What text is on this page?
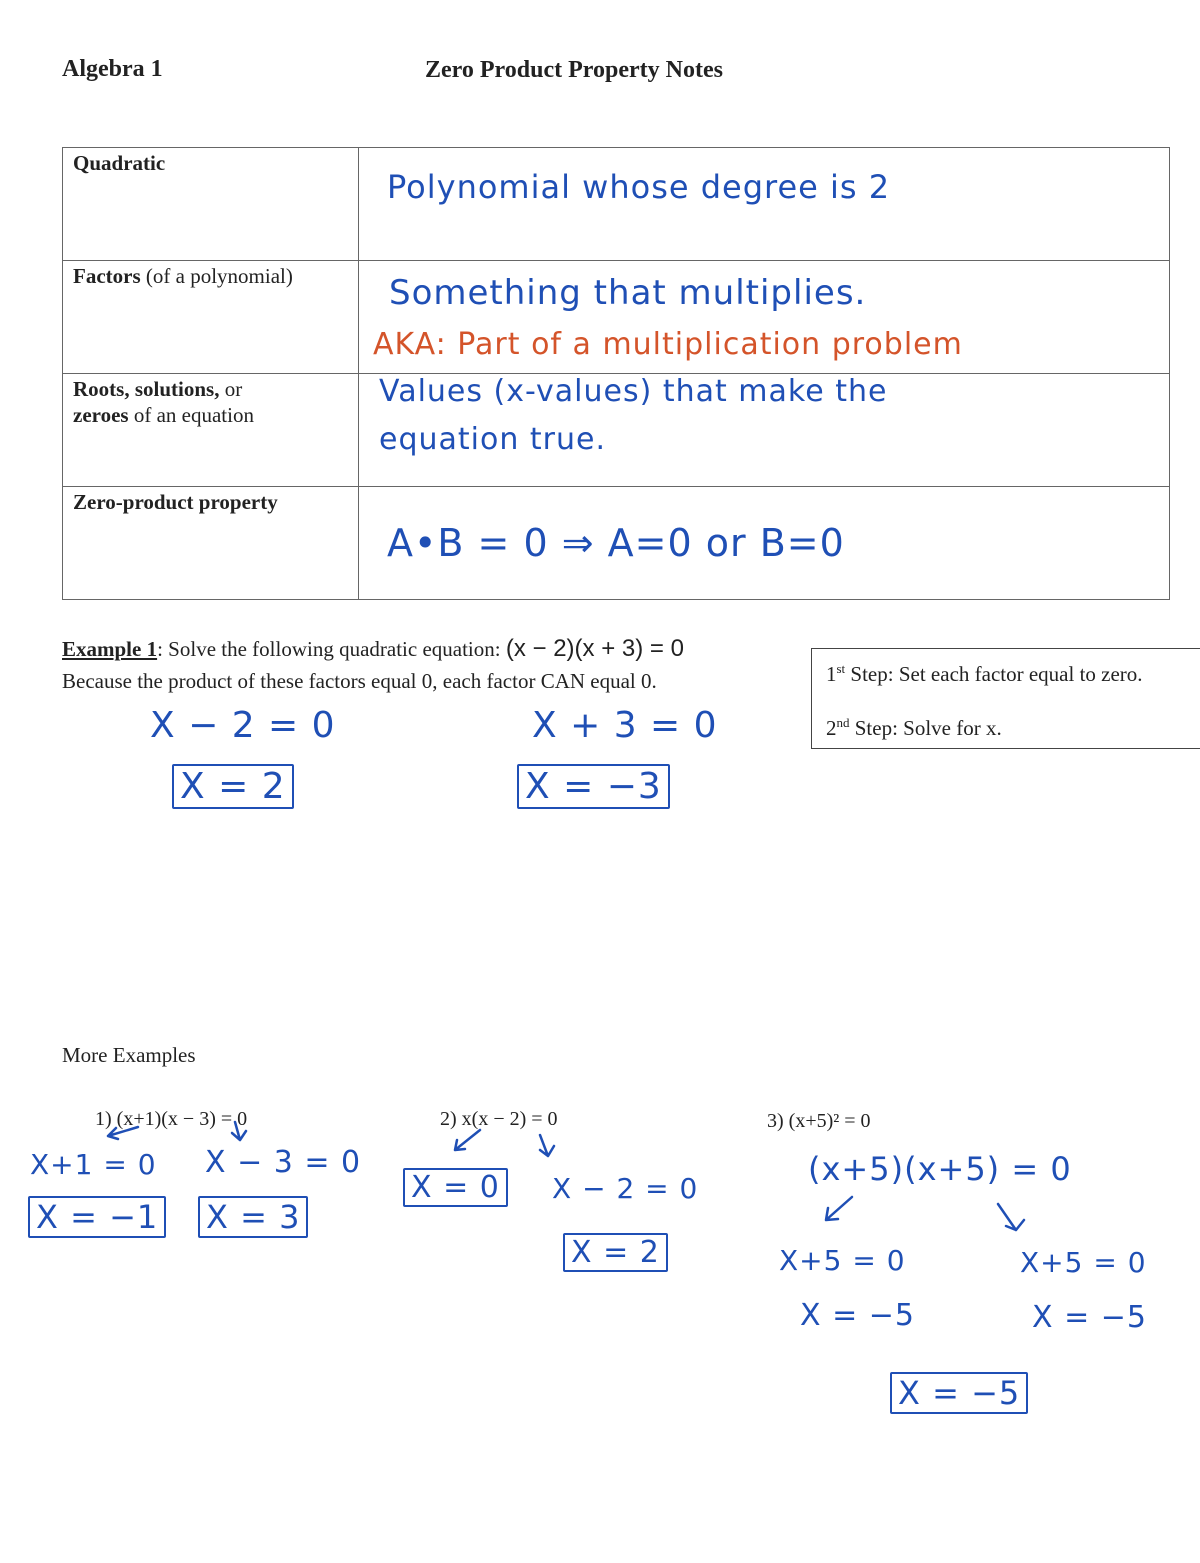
Algebra 1	Zero Product Property Notes
Quadratic	Polynomial whose degree is 2

Factors (of a polynomial)	Something that multiplies.
AKA: Part of a multiplication problem

Roots, solutions, or
zeroes of an equation	Values (x-values) that make the
equation true.

Zero-product property	A•B = 0 ⇒ A=0 or B=0
Example 1: Solve the following quadratic equation: (x − 2)(x + 3) = 0
Because the product of these factors equal 0, each factor CAN equal 0.
X − 2 = 0
X = 2
X + 3 = 0
X = −3
1st Step: Set each factor equal to zero.
2nd Step: Solve for x.
More Examples
1) (x+1)(x − 3) = 0
X+1 = 0 X − 3 = 0
X = −1 X = 3
2) x(x − 2) = 0
X = 0 X − 2 = 0
X = 2
3) (x+5)² = 0
(x+5)(x+5) = 0
X+5 = 0
X = −5
X+5 = 0
X = −5
X = −5
